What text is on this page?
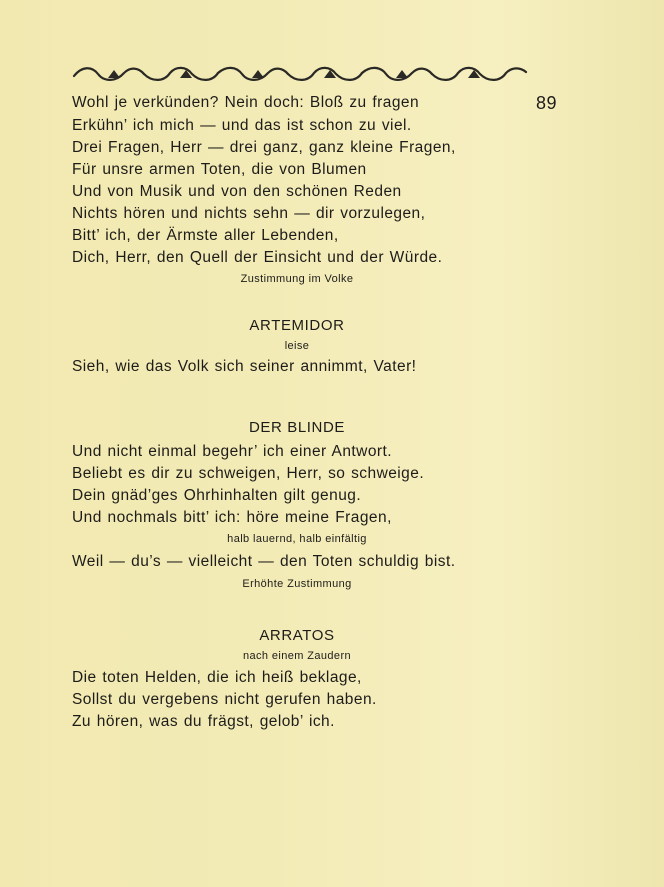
89
Wohl je verkünden? Nein doch: Bloß zu fragen
Erkühn’ ich mich — und das ist schon zu viel.
Drei Fragen, Herr — drei ganz, ganz kleine Fragen,
Für unsre armen Toten, die von Blumen
Und von Musik und von den schönen Reden
Nichts hören und nichts sehn — dir vorzulegen,
Bitt’ ich, der Ärmste aller Lebenden,
Dich, Herr, den Quell der Einsicht und der Würde.
Zustimmung im Volke
ARTEMIDOR
leise
Sieh, wie das Volk sich seiner annimmt, Vater!
DER BLINDE
Und nicht einmal begehr’ ich einer Antwort.
Beliebt es dir zu schweigen, Herr, so schweige.
Dein gnäd’ges Ohrhinhalten gilt genug.
Und nochmals bitt’ ich: höre meine Fragen,
halb lauernd, halb einfältig
Weil — du’s — vielleicht — den Toten schuldig bist.
Erhöhte Zustimmung
ARRATOS
nach einem Zaudern
Die toten Helden, die ich heiß beklage,
Sollst du vergebens nicht gerufen haben.
Zu hören, was du frägst, gelob’ ich.
